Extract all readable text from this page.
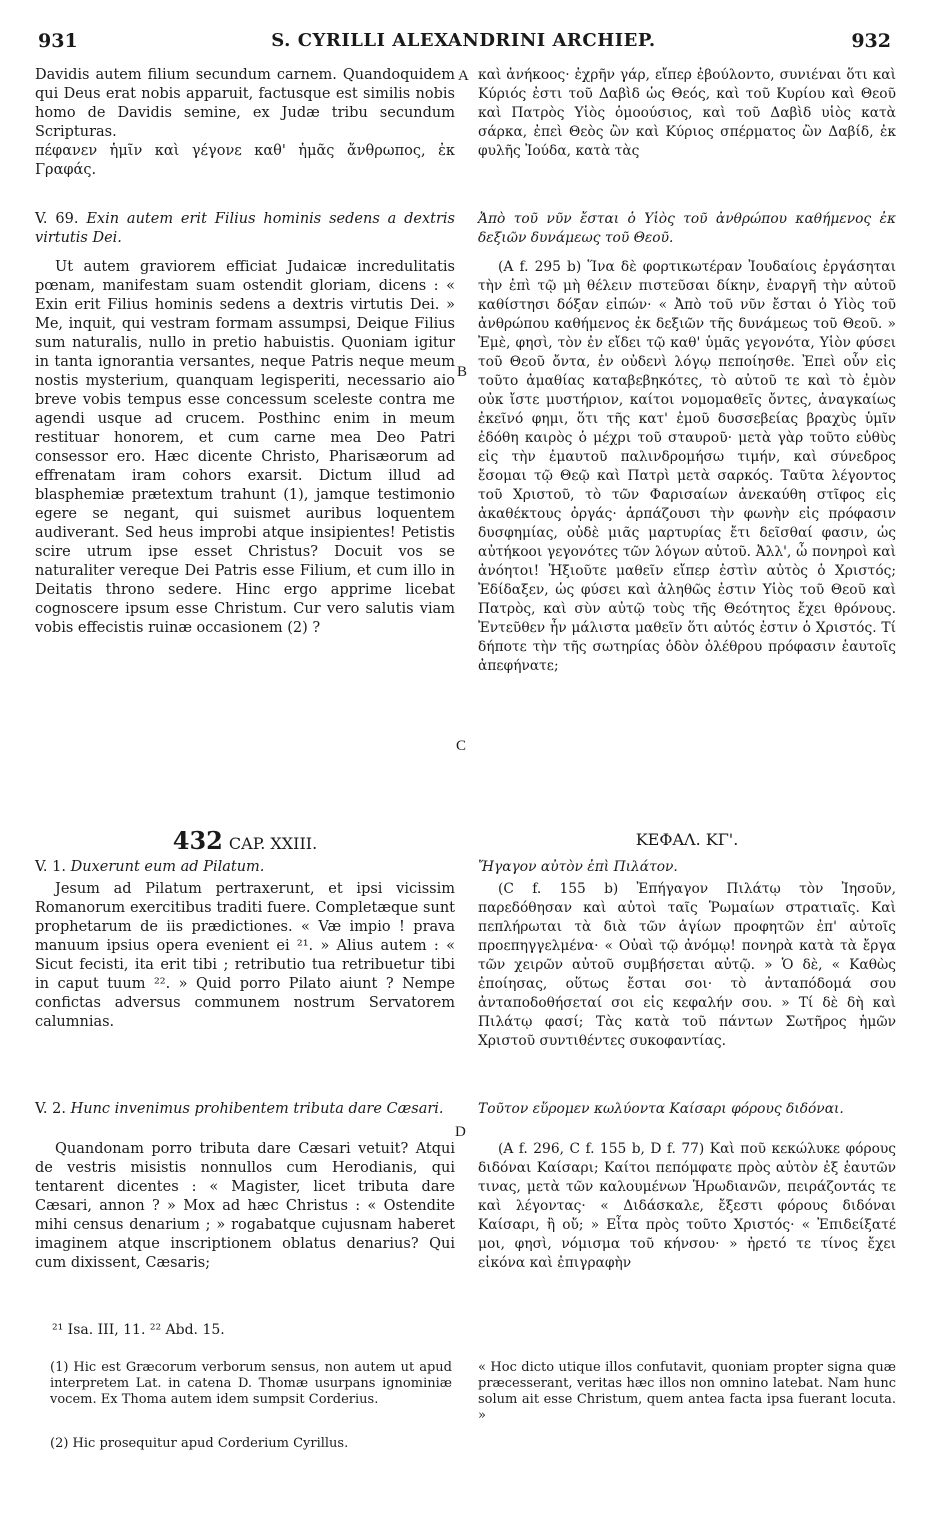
931	S. CYRILLI ALEXANDRINI ARCHIEP.	932
A
B
C
D

Davidis autem filium secundum carnem. Quandoquidem qui Deus erat nobis apparuit, factusque est similis nobis homo de Davidis semine, ex Judæ tribu secundum Scripturas.

πέφανεν ἡμῖν καὶ γέγονε καθ' ἡμᾶς ἄνθρωπος, ἐκ Γραφάς.

V. 69. Exin autem erit Filius hominis sedens a dextris virtutis Dei.

Ut autem graviorem efficiat Judaicæ incredulitatis pœnam, manifestam suam ostendit gloriam, dicens : « Exin erit Filius hominis sedens a dextris virtutis Dei. » Me, inquit, qui vestram formam assumpsi, Deique Filius sum naturalis, nullo in pretio habuistis. Quoniam igitur in tanta ignorantia versantes, neque Patris neque meum nostis mysterium, quanquam legisperiti, necessario aio breve vobis tempus esse concessum sceleste contra me agendi usque ad crucem. Posthinc enim in meum restituar honorem, et cum carne mea Deo Patri consessor ero. Hæc dicente Christo, Pharisæorum ad effrenatam iram cohors exarsit. Dictum illud ad blasphemiæ prætextum trahunt (1), jamque testimonio egere se negant, qui suismet auribus loquentem audiverant. Sed heus improbi atque insipientes! Petistis scire utrum ipse esset Christus? Docuit vos se naturaliter vereque Dei Patris esse Filium, et cum illo in Deitatis throno sedere. Hinc ergo apprime licebat cognoscere ipsum esse Christum. Cur vero salutis viam vobis effecistis ruinæ occasionem (2) ?

432 CAP. XXIII.

V. 1. Duxerunt eum ad Pilatum.

Jesum ad Pilatum pertraxerunt, et ipsi vicissim Romanorum exercitibus traditi fuere. Completæque sunt prophetarum de iis prædictiones. « Væ impio ! prava manuum ipsius opera evenient ei ²¹. » Alius autem : « Sicut fecisti, ita erit tibi ; retributio tua retribuetur tibi in caput tuum ²². » Quid porro Pilato aiunt ? Nempe confictas adversus communem nostrum Servatorem calumnias.

V. 2. Hunc invenimus prohibentem tributa dare Cæsari.

Quandonam porro tributa dare Cæsari vetuit? Atqui de vestris misistis nonnullos cum Herodianis, qui tentarent dicentes : « Magister, licet tributa dare Cæsari, annon ? » Mox ad hæc Christus : « Ostendite mihi census denarium ; » rogabatque cujusnam haberet imaginem atque inscriptionem oblatus denarius? Qui cum dixissent, Cæsaris;

²¹ Isa. III, 11. ²² Abd. 15.
(1) Hic est Græcorum verborum sensus, non autem ut apud interpretem Lat. in catena D. Thomæ usurpans ignominiæ vocem. Ex Thoma autem idem sumpsit Corderius.
(2) Hic prosequitur apud Corderium Cyrillus.

καὶ ἀνήκοος· ἐχρῆν γάρ, εἴπερ ἐβούλοντο, συνιέναι ὅτι καὶ Κύριός ἐστι τοῦ Δαβὶδ ὡς Θεός, καὶ τοῦ Κυρίου καὶ Θεοῦ καὶ Πατρὸς Υἱὸς ὁμοούσιος, καὶ τοῦ Δαβὶδ υἱὸς κατὰ σάρκα, ἐπεὶ Θεὸς ὢν καὶ Κύριος σπέρματος ὢν Δαβίδ, ἐκ φυλῆς Ἰούδα, κατὰ τὰς

Ἀπὸ τοῦ νῦν ἔσται ὁ Υἱὸς τοῦ ἀνθρώπου καθήμενος ἐκ δεξιῶν δυνάμεως τοῦ Θεοῦ.

(A f. 295 b) Ἵνα δὲ φορτικωτέραν Ἰουδαίοις ἐργάσηται τὴν ἐπὶ τῷ μὴ θέλειν πιστεῦσαι δίκην, ἐναργῆ τὴν αὐτοῦ καθίστησι δόξαν εἰπών· « Ἀπὸ τοῦ νῦν ἔσται ὁ Υἱὸς τοῦ ἀνθρώπου καθήμενος ἐκ δεξιῶν τῆς δυνάμεως τοῦ Θεοῦ. » Ἐμὲ, φησὶ, τὸν ἐν εἴδει τῷ καθ' ὑμᾶς γεγονότα, Υἱὸν φύσει τοῦ Θεοῦ ὄντα, ἐν οὐδενὶ λόγῳ πεποίησθε. Ἐπεὶ οὖν εἰς τοῦτο ἀμαθίας καταβεβηκότες, τὸ αὐτοῦ τε καὶ τὸ ἐμὸν οὐκ ἴστε μυστήριον, καίτοι νομομαθεῖς ὄντες, ἀναγκαίως ἐκεῖνό φημι, ὅτι τῆς κατ' ἐμοῦ δυσσεβείας βραχὺς ὑμῖν ἐδόθη καιρὸς ὁ μέχρι τοῦ σταυροῦ· μετὰ γὰρ τοῦτο εὐθὺς εἰς τὴν ἐμαυτοῦ παλινδρομήσω τιμήν, καὶ σύνεδρος ἔσομαι τῷ Θεῷ καὶ Πατρὶ μετὰ σαρκός. Ταῦτα λέγοντος τοῦ Χριστοῦ, τὸ τῶν Φαρισαίων ἀνεκαύθη στῖφος εἰς ἀκαθέκτους ὀργάς· ἁρπάζουσι τὴν φωνὴν εἰς πρόφασιν δυσφημίας, οὐδὲ μιᾶς μαρτυρίας ἔτι δεῖσθαί φασιν, ὡς αὐτήκοοι γεγονότες τῶν λόγων αὐτοῦ. Ἀλλ', ὦ πονηροὶ καὶ ἀνόητοι! Ἠξιοῦτε μαθεῖν εἴπερ ἐστὶν αὐτὸς ὁ Χριστός; Ἐδίδαξεν, ὡς φύσει καὶ ἀληθῶς ἐστιν Υἱὸς τοῦ Θεοῦ καὶ Πατρὸς, καὶ σὺν αὐτῷ τοὺς τῆς Θεότητος ἔχει θρόνους. Ἐντεῦθεν ἦν μάλιστα μαθεῖν ὅτι αὐτός ἐστιν ὁ Χριστός. Τί δήποτε τὴν τῆς σωτηρίας ὁδὸν ὀλέθρου πρόφασιν ἑαυτοῖς ἀπεφήνατε;

ΚΕΦΑΛ. ΚΓ'.

Ἤγαγον αὐτὸν ἐπὶ Πιλάτον.

(C f. 155 b) Ἐπήγαγον Πιλάτῳ τὸν Ἰησοῦν, παρεδόθησαν καὶ αὐτοὶ ταῖς Ῥωμαίων στρατιαῖς. Καὶ πεπλήρωται τὰ διὰ τῶν ἁγίων προφητῶν ἐπ' αὐτοῖς προεπηγγελμένα· « Οὐαὶ τῷ ἀνόμῳ! πονηρὰ κατὰ τὰ ἔργα τῶν χειρῶν αὐτοῦ συμβήσεται αὐτῷ. » Ὁ δὲ, « Καθὼς ἐποίησας, οὕτως ἔσται σοι· τὸ ἀνταπόδομά σου ἀνταποδοθήσεταί σοι εἰς κεφαλήν σου. » Τί δὲ δὴ καὶ Πιλάτῳ φασί; Τὰς κατὰ τοῦ πάντων Σωτῆρος ἡμῶν Χριστοῦ συντιθέντες συκοφαντίας.

Τοῦτον εὕρομεν κωλύοντα Καίσαρι φόρους διδόναι.

(A f. 296, C f. 155 b, D f. 77) Καὶ ποῦ κεκώλυκε φόρους διδόναι Καίσαρι; Καίτοι πεπόμφατε πρὸς αὐτὸν ἐξ ἑαυτῶν τινας, μετὰ τῶν καλουμένων Ἡρωδιανῶν, πειράζοντάς τε καὶ λέγοντας· « Διδάσκαλε, ἔξεστι φόρους διδόναι Καίσαρι, ἢ οὔ; » Εἶτα πρὸς τοῦτο Χριστός· « Ἐπιδείξατέ μοι, φησὶ, νόμισμα τοῦ κήνσου· » ἠρετό τε τίνος ἔχει εἰκόνα καὶ ἐπιγραφὴν

« Hoc dicto utique illos confutavit, quoniam propter signa quæ præcesserant, veritas hæc illos non omnino latebat. Nam hunc solum ait esse Christum, quem antea facta ipsa fuerant locuta. »
